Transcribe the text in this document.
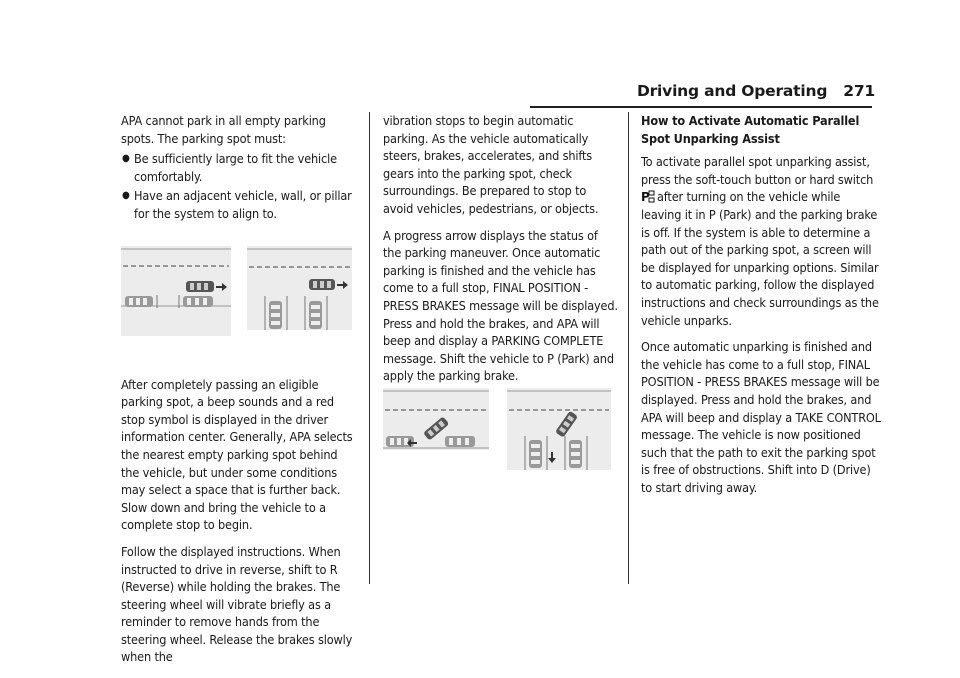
Driving and Operating 271

APA cannot park in all empty parking spots. The parking spot must:

● Be sufficiently large to fit the vehicle comfortably.
● Have an adjacent vehicle, wall, or pillar for the system to align to.

After completely passing an eligible parking spot, a beep sounds and a red stop symbol is displayed in the driver information center. Generally, APA selects the nearest empty parking spot behind the vehicle, but under some conditions may select a space that is further back. Slow down and bring the vehicle to a complete stop to begin.

Follow the displayed instructions. When instructed to drive in reverse, shift to R (Reverse) while holding the brakes. The steering wheel will vibrate briefly as a reminder to remove hands from the steering wheel. Release the brakes slowly when the

vibration stops to begin automatic parking. As the vehicle automatically steers, brakes, accelerates, and shifts gears into the parking spot, check surroundings. Be prepared to stop to avoid vehicles, pedestrians, or objects.

A progress arrow displays the status of the parking maneuver. Once automatic parking is finished and the vehicle has come to a full stop, FINAL POSITION - PRESS BRAKES message will be displayed. Press and hold the brakes, and APA will beep and display a PARKING COMPLETE message. Shift the vehicle to P (Park) and apply the parking brake.

How to Activate Automatic Parallel Spot Unparking Assist

To activate parallel spot unparking assist, press the soft-touch button or hard switch

P after turning on the vehicle while leaving it in P (Park) and the parking brake is off. If the system is able to determine a path out of the parking spot, a screen will be displayed for unparking options. Similar to automatic parking, follow the displayed instructions and check surroundings as the vehicle unparks.

Once automatic unparking is finished and the vehicle has come to a full stop, FINAL POSITION - PRESS BRAKES message will be displayed. Press and hold the brakes, and APA will beep and display a TAKE CONTROL message. The vehicle is now positioned such that the path to exit the parking spot is free of obstructions. Shift into D (Drive) to start driving away.
